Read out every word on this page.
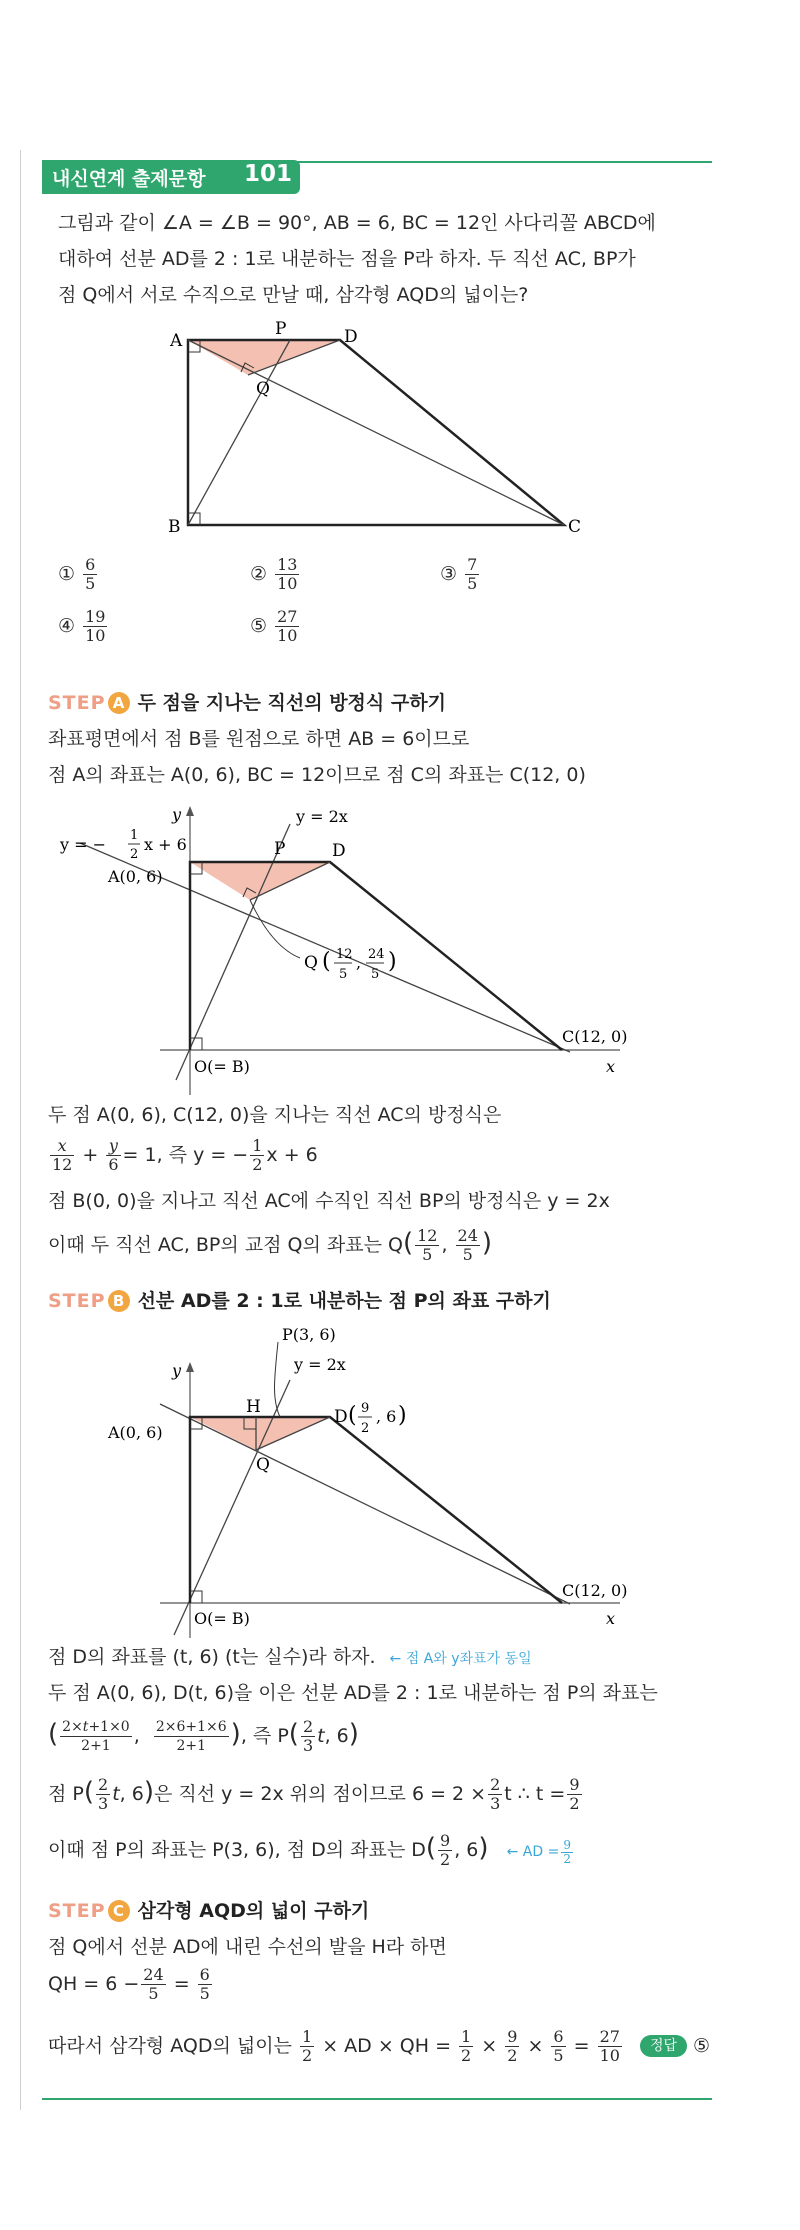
내신연계 출제문항 101
그림과 같이 ∠A = ∠B = 90°, AB = 6, BC = 12인 사다리꼴 ABCD에
대하여 선분 AD를 2 : 1로 내분하는 점을 P라 하자. 두 직선 AC, BP가
점 Q에서 서로 수직으로 만날 때, 삼각형 AQD의 넓이는?
A
P	D
Q
B	C
① $\frac{6}{5}$	② $\frac{13}{10}$	③ $\frac{7}{5}$
④ $\frac{19}{10}$	⑤ $\frac{27}{10}$
STEP A 두 점을 지나는 직선의 방정식 구하기
좌표평면에서 점 B를 원점으로 하면 AB = 6이므로
점 A의 좌표는 A(0, 6), BC = 12이므로 점 C의 좌표는 C(12, 0)
y
x
y = 2x
y = − 1
2
x + 6
A(0, 6)
P	D
Q ( 12
5
, 24
5
)
C(12, 0)
O(= B)
두 점 A(0, 6), C(12, 0)을 지나는 직선 AC의 방정식은
$\frac{x}{12} + \frac{y}{6} = 1$, 즉 y = − $\frac{1}{2}$ x + 6
점 B(0, 0)을 지나고 직선 AC에 수직인 직선 BP의 방정식은 y = 2x
이때 두 직선 AC, BP의 교점 Q의 좌표는 $Q( \frac{12}{5}$ , $\frac{24}{5}$ )
STEP B 선분 AD를 2 : 1로 내분하는 점 P의 좌표 구하기
y
x
P(3, 6)
y = 2x
H	D ( 9
2
, 6 )
A(0, 6)
Q
C(12, 0)
O(= B)
점 D의 좌표를 (t, 6) (t는 실수)라 하자. ← 점 A와 y좌표가 동일
두 점 A(0, 6), D(t, 6)을 이은 선분 AD를 2 : 1로 내분하는 점 P의 좌표는
( $\frac{2\times t+1\times 0}{2+1}$ , $\frac{2\times 6+1\times 6}{2+1}$ ), 즉 $P( \frac{2}{3} t$, 6)
점 $P( \frac{2}{3} t$, 6)은 직선 y = 2x 위의 점이므로 $6 = 2 \times \frac{2}{3}$ t ∴ $t = \frac{9}{2}$
이때 점 P의 좌표는 P(3, 6), 점 D의 좌표는 $D( \frac{9}{2}$ , 6) ← AD = $\frac{9}{2}$
STEP C 삼각형 AQD의 넓이 구하기
점 Q에서 선분 AD에 내린 수선의 발을 H라 하면
QH = $6 - \frac{24}{5} = \frac{6}{5}$
따라서 삼각형 AQD의 넓이는 $\frac{1}{2}$ × AD × QH = $\frac{1}{2} \times \frac{9}{2} \times \frac{6}{5} = \frac{27}{10}$ 정답 ⑤
